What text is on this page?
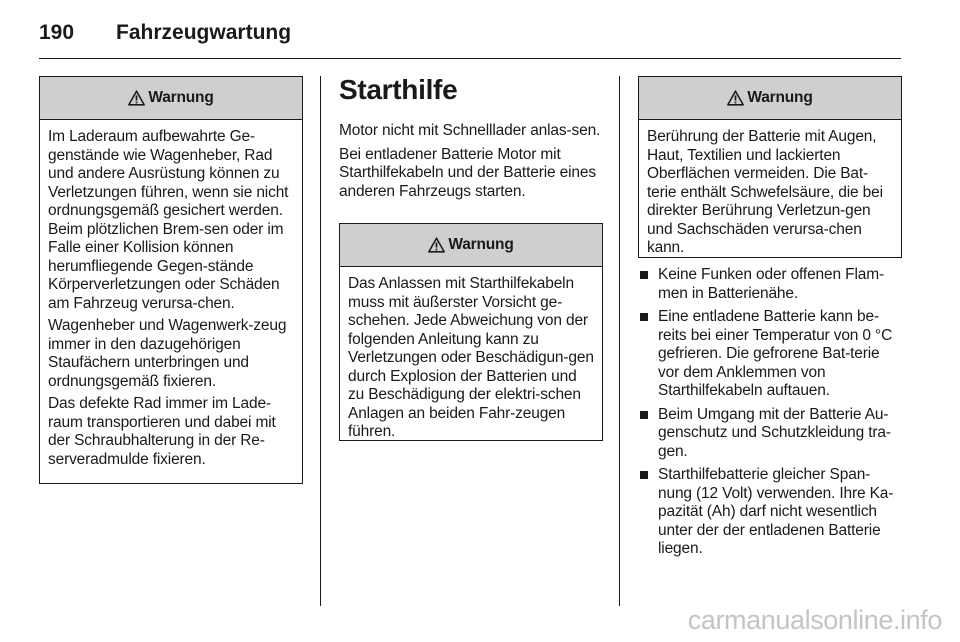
190 Fahrzeugwartung
Warnung

Im Laderaum aufbewahrte Ge-genstände wie Wagenheber, Rad und andere Ausrüstung können zu Verletzungen führen, wenn sie nicht ordnungsgemäß gesichert werden. Beim plötzlichen Brem-sen oder im Falle einer Kollision können herumfliegende Gegen-stände Körperverletzungen oder Schäden am Fahrzeug verursa-chen.

Wagenheber und Wagenwerk-zeug immer in den dazugehörigen Staufächern unterbringen und ordnungsgemäß fixieren.

Das defekte Rad immer im Lade-raum transportieren und dabei mit der Schraubhalterung in der Re-serveradmulde fixieren.

Starthilfe

Motor nicht mit Schnelllader anlas-sen.

Bei entladener Batterie Motor mit Starthilfekabeln und der Batterie eines anderen Fahrzeugs starten.

Warnung

Das Anlassen mit Starthilfekabeln muss mit äußerster Vorsicht ge-schehen. Jede Abweichung von der folgenden Anleitung kann zu Verletzungen oder Beschädigun-gen durch Explosion der Batterien und zu Beschädigung der elektri-schen Anlagen an beiden Fahr-zeugen führen.

Warnung

Berührung der Batterie mit Augen, Haut, Textilien und lackierten Oberflächen vermeiden. Die Bat-terie enthält Schwefelsäure, die bei direkter Berührung Verletzun-gen und Sachschäden verursa-chen kann.

Keine Funken oder offenen Flam-men in Batterienähe.
Eine entladene Batterie kann be-reits bei einer Temperatur von 0 °C gefrieren. Die gefrorene Bat-terie vor dem Anklemmen von Starthilfekabeln auftauen.
Beim Umgang mit der Batterie Au-genschutz und Schutzkleidung tra-gen.
Starthilfebatterie gleicher Span-nung (12 Volt) verwenden. Ihre Ka-pazität (Ah) darf nicht wesentlich unter der der entladenen Batterie liegen.
carmanualsonline.info
